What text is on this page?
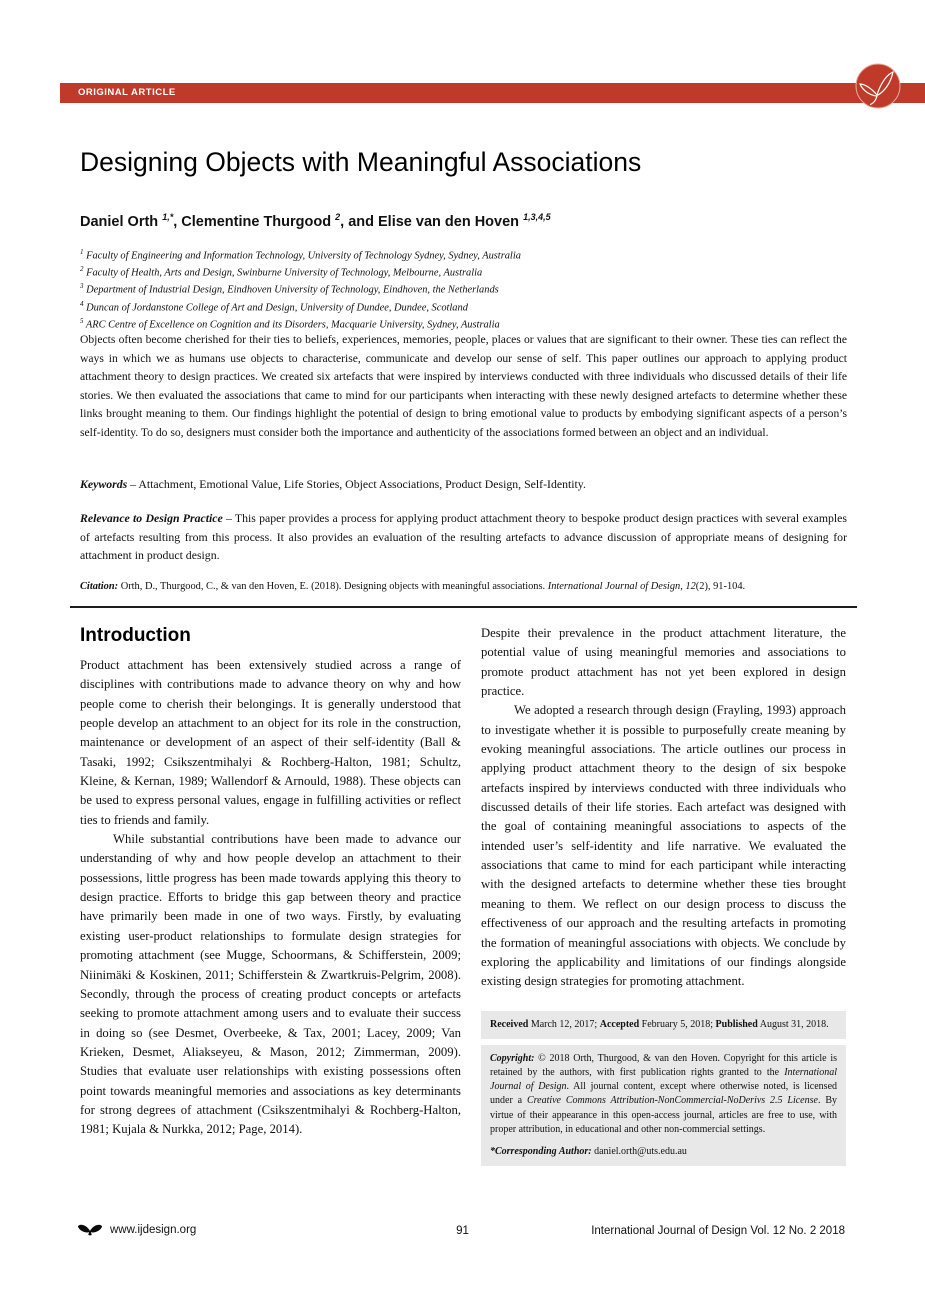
ORIGINAL ARTICLE
Designing Objects with Meaningful Associations
Daniel Orth $^{1,*}$, Clementine Thurgood $^2$, and Elise van den Hoven $^{1,3,4,5}$
$^1$ Faculty of Engineering and Information Technology, University of Technology Sydney, Sydney, Australia
$^2$ Faculty of Health, Arts and Design, Swinburne University of Technology, Melbourne, Australia
$^3$ Department of Industrial Design, Eindhoven University of Technology, Eindhoven, the Netherlands
$^4$ Duncan of Jordanstone College of Art and Design, University of Dundee, Dundee, Scotland
$^5$ ARC Centre of Excellence on Cognition and its Disorders, Macquarie University, Sydney, Australia

Objects often become cherished for their ties to beliefs, experiences, memories, people, places or values that are significant to their owner. These ties can reflect the ways in which we as humans use objects to characterise, communicate and develop our sense of self. This paper outlines our approach to applying product attachment theory to design practices. We created six artefacts that were inspired by interviews conducted with three individuals who discussed details of their life stories. We then evaluated the associations that came to mind for our participants when interacting with these newly designed artefacts to determine whether these links brought meaning to them. Our findings highlight the potential of design to bring emotional value to products by embodying significant aspects of a person’s self-identity. To do so, designers must consider both the importance and authenticity of the associations formed between an object and an individual.

Keywords – Attachment, Emotional Value, Life Stories, Object Associations, Product Design, Self-Identity.

Relevance to Design Practice – This paper provides a process for applying product attachment theory to bespoke product design practices with several examples of artefacts resulting from this process. It also provides an evaluation of the resulting artefacts to advance discussion of appropriate means of designing for attachment in product design.

Citation: Orth, D., Thurgood, C., & van den Hoven, E. (2018). Designing objects with meaningful associations. International Journal of Design, 12(2), 91-104.

Introduction

Product attachment has been extensively studied across a range of disciplines with contributions made to advance theory on why and how people come to cherish their belongings. It is generally understood that people develop an attachment to an object for its role in the construction, maintenance or development of an aspect of their self-identity (Ball & Tasaki, 1992; Csikszentmihalyi & Rochberg-Halton, 1981; Schultz, Kleine, & Kernan, 1989; Wallendorf & Arnould, 1988). These objects can be used to express personal values, engage in fulfilling activities or reflect ties to friends and family.

While substantial contributions have been made to advance our understanding of why and how people develop an attachment to their possessions, little progress has been made towards applying this theory to design practice. Efforts to bridge this gap between theory and practice have primarily been made in one of two ways. Firstly, by evaluating existing user-product relationships to formulate design strategies for promoting attachment (see Mugge, Schoormans, & Schifferstein, 2009; Niinimäki & Koskinen, 2011; Schifferstein & Zwartkruis-Pelgrim, 2008). Secondly, through the process of creating product concepts or artefacts seeking to promote attachment among users and to evaluate their success in doing so (see Desmet, Overbeeke, & Tax, 2001; Lacey, 2009; Van Krieken, Desmet, Aliakseyeu, & Mason, 2012; Zimmerman, 2009). Studies that evaluate user relationships with existing possessions often point towards meaningful memories and associations as key determinants for strong degrees of attachment (Csikszentmihalyi & Rochberg-Halton, 1981; Kujala & Nurkka, 2012; Page, 2014).

Despite their prevalence in the product attachment literature, the potential value of using meaningful memories and associations to promote product attachment has not yet been explored in design practice.

We adopted a research through design (Frayling, 1993) approach to investigate whether it is possible to purposefully create meaning by evoking meaningful associations. The article outlines our process in applying product attachment theory to the design of six bespoke artefacts inspired by interviews conducted with three individuals who discussed details of their life stories. Each artefact was designed with the goal of containing meaningful associations to aspects of the intended user’s self-identity and life narrative. We evaluated the associations that came to mind for each participant while interacting with the designed artefacts to determine whether these ties brought meaning to them. We reflect on our design process to discuss the effectiveness of our approach and the resulting artefacts in promoting the formation of meaningful associations with objects. We conclude by exploring the applicability and limitations of our findings alongside existing design strategies for promoting attachment.

Received March 12, 2017; Accepted February 5, 2018; Published August 31, 2018.
Copyright: © 2018 Orth, Thurgood, & van den Hoven. Copyright for this article is retained by the authors, with first publication rights granted to the International Journal of Design. All journal content, except where otherwise noted, is licensed under a Creative Commons Attribution-NonCommercial-NoDerivs 2.5 License. By virtue of their appearance in this open-access journal, articles are free to use, with proper attribution, in educational and other non-commercial settings.
*Corresponding Author: daniel.orth@uts.edu.au
www.ijdesign.org	91	International Journal of Design Vol. 12 No. 2 2018
